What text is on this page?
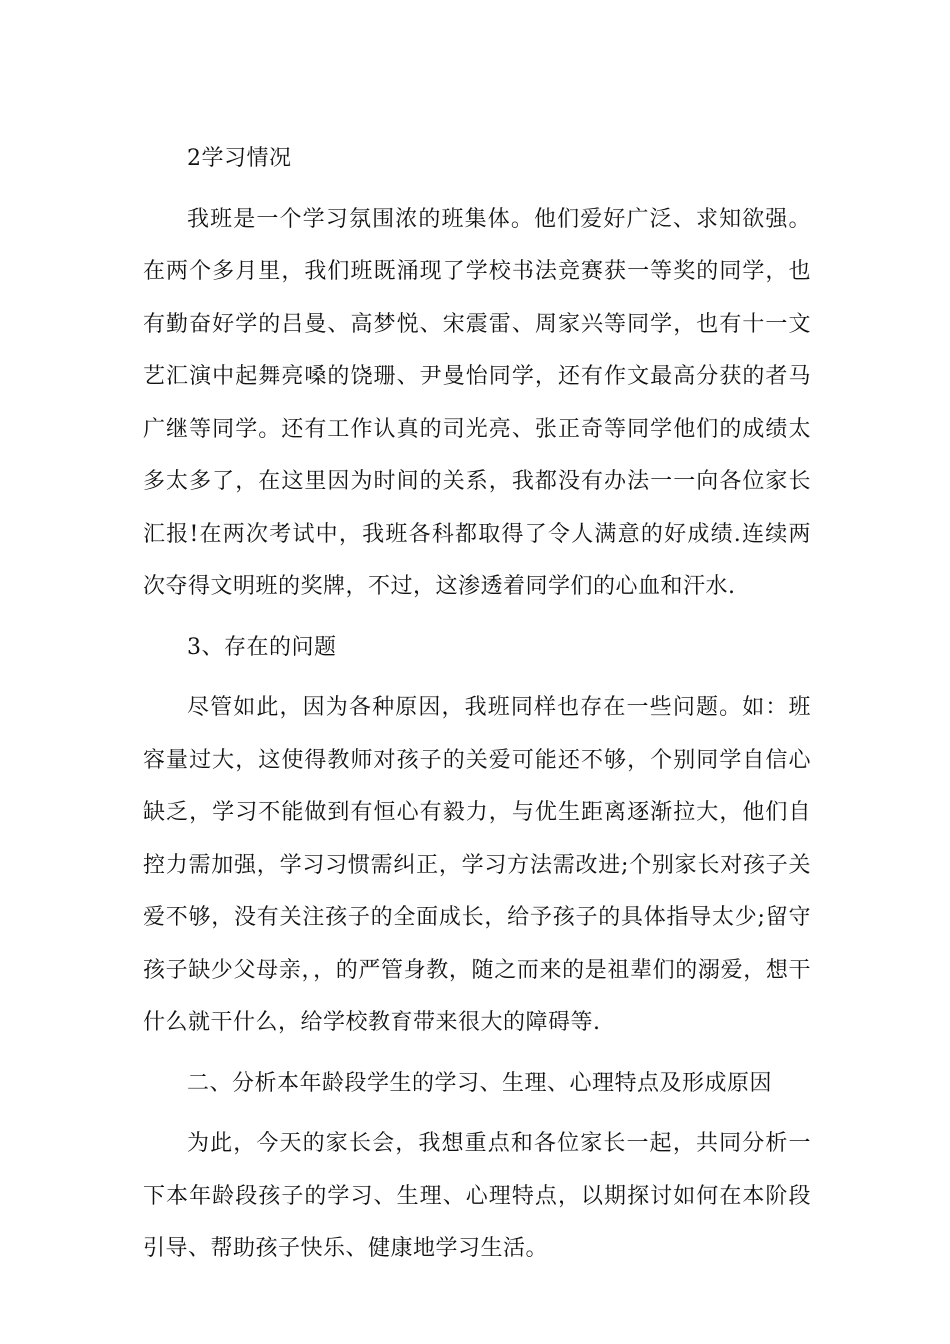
2学习情况

我班是一个学习氛围浓的班集体。他们爱好广泛、求知欲强。在两个多月里，我们班既涌现了学校书法竞赛获一等奖的同学，也有勤奋好学的吕曼、高梦悦、宋震雷、周家兴等同学，也有十一文艺汇演中起舞亮嗓的饶珊、尹曼怡同学，还有作文最高分获的者马广继等同学。还有工作认真的司光亮、张正奇等同学他们的成绩太多太多了，在这里因为时间的关系，我都没有办法一一向各位家长汇报!在两次考试中，我班各科都取得了令人满意的好成绩.连续两次夺得文明班的奖牌，不过，这渗透着同学们的心血和汗水.

3、存在的问题

尽管如此，因为各种原因，我班同样也存在一些问题。如：班容量过大，这使得教师对孩子的关爱可能还不够，个别同学自信心缺乏，学习不能做到有恒心有毅力，与优生距离逐渐拉大，他们自控力需加强，学习习惯需纠正，学习方法需改进;个别家长对孩子关爱不够，没有关注孩子的全面成长，给予孩子的具体指导太少;留守孩子缺少父母亲，，的严管身教，随之而来的是祖辈们的溺爱，想干什么就干什么，给学校教育带来很大的障碍等.

二、分析本年龄段学生的学习、生理、心理特点及形成原因

为此，今天的家长会，我想重点和各位家长一起，共同分析一下本年龄段孩子的学习、生理、心理特点，以期探讨如何在本阶段引导、帮助孩子快乐、健康地学习生活。
